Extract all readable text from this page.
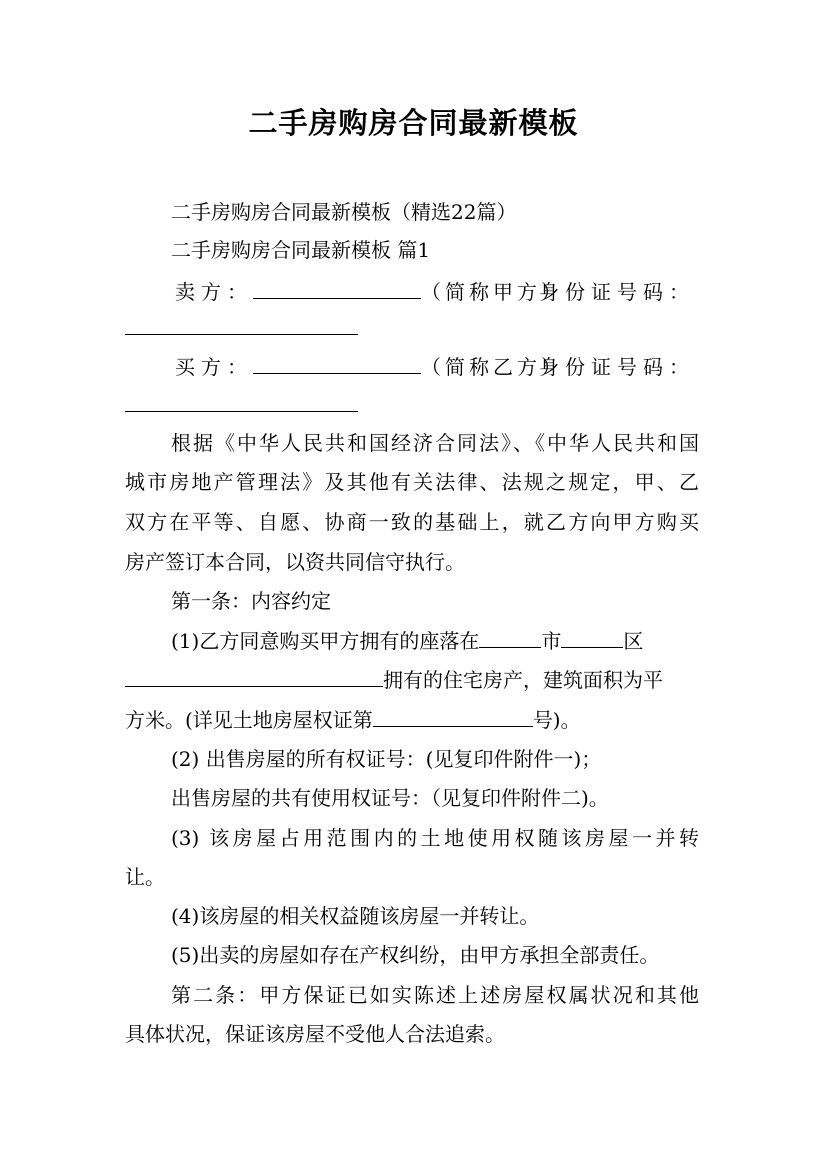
二手房购房合同最新模板
二手房购房合同最新模板（精选22篇）
二手房购房合同最新模板 篇1
卖方：	（简称甲方）
身份证号码：
买方：	（简称乙方）
身份证号码：
根据《中华人民共和国经济合同法》、《中华人民共和国
城市房地产管理法》及其他有关法律、法规之规定，甲、乙
双方在平等、自愿、协商一致的基础上，就乙方向甲方购买
房产签订本合同，以资共同信守执行。
第一条：内容约定
(1)乙方同意购买甲方拥有的座落在	市	区
拥有的住宅房产，建筑面积为平
方米。(详见土地房屋权证第	号)。
(2) 出售房屋的所有权证号：(见复印件附件一)；
出售房屋的共有使用权证号：（见复印件附件二)。
(3) 该房屋占用范围内的土地使用权随该房屋一并转
让。
(4)该房屋的相关权益随该房屋一并转让。
(5)出卖的房屋如存在产权纠纷，由甲方承担全部责任。
第二条：甲方保证已如实陈述上述房屋权属状况和其他
具体状况，保证该房屋不受他人合法追索。
